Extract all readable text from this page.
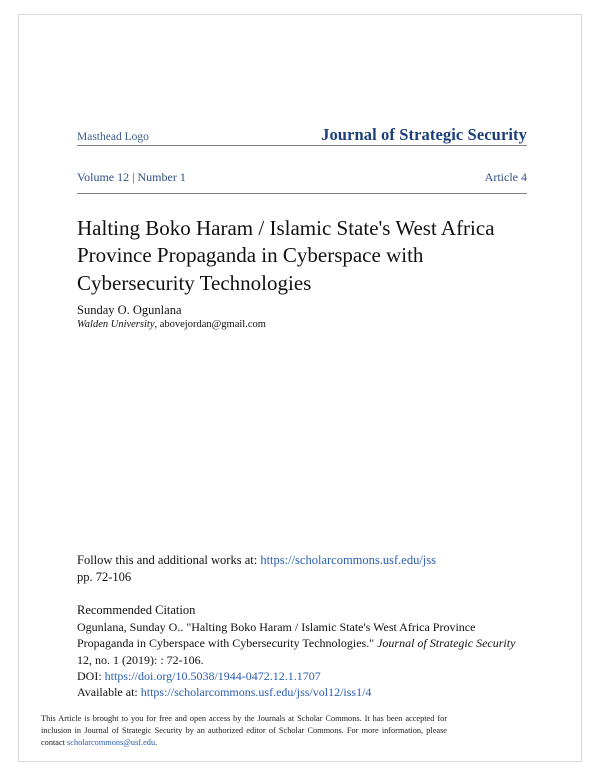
Masthead Logo	Journal of Strategic Security
Volume 12 | Number 1	Article 4
Halting Boko Haram / Islamic State's West Africa Province Propaganda in Cyberspace with Cybersecurity Technologies
Sunday O. Ogunlana
Walden University, abovejordan@gmail.com
Follow this and additional works at: https://scholarcommons.usf.edu/jss
pp. 72-106
Recommended Citation
Ogunlana, Sunday O.. "Halting Boko Haram / Islamic State's West Africa Province
Propaganda in Cyberspace with Cybersecurity Technologies." Journal of Strategic Security
12, no. 1 (2019): : 72-106.
DOI: https://doi.org/10.5038/1944-0472.12.1.1707
Available at: https://scholarcommons.usf.edu/jss/vol12/iss1/4
This Article is brought to you for free and open access by the Journals at Scholar Commons. It has been accepted for inclusion in Journal of Strategic Security by an authorized editor of Scholar Commons. For more information, please contact scholarcommons@usf.edu.
